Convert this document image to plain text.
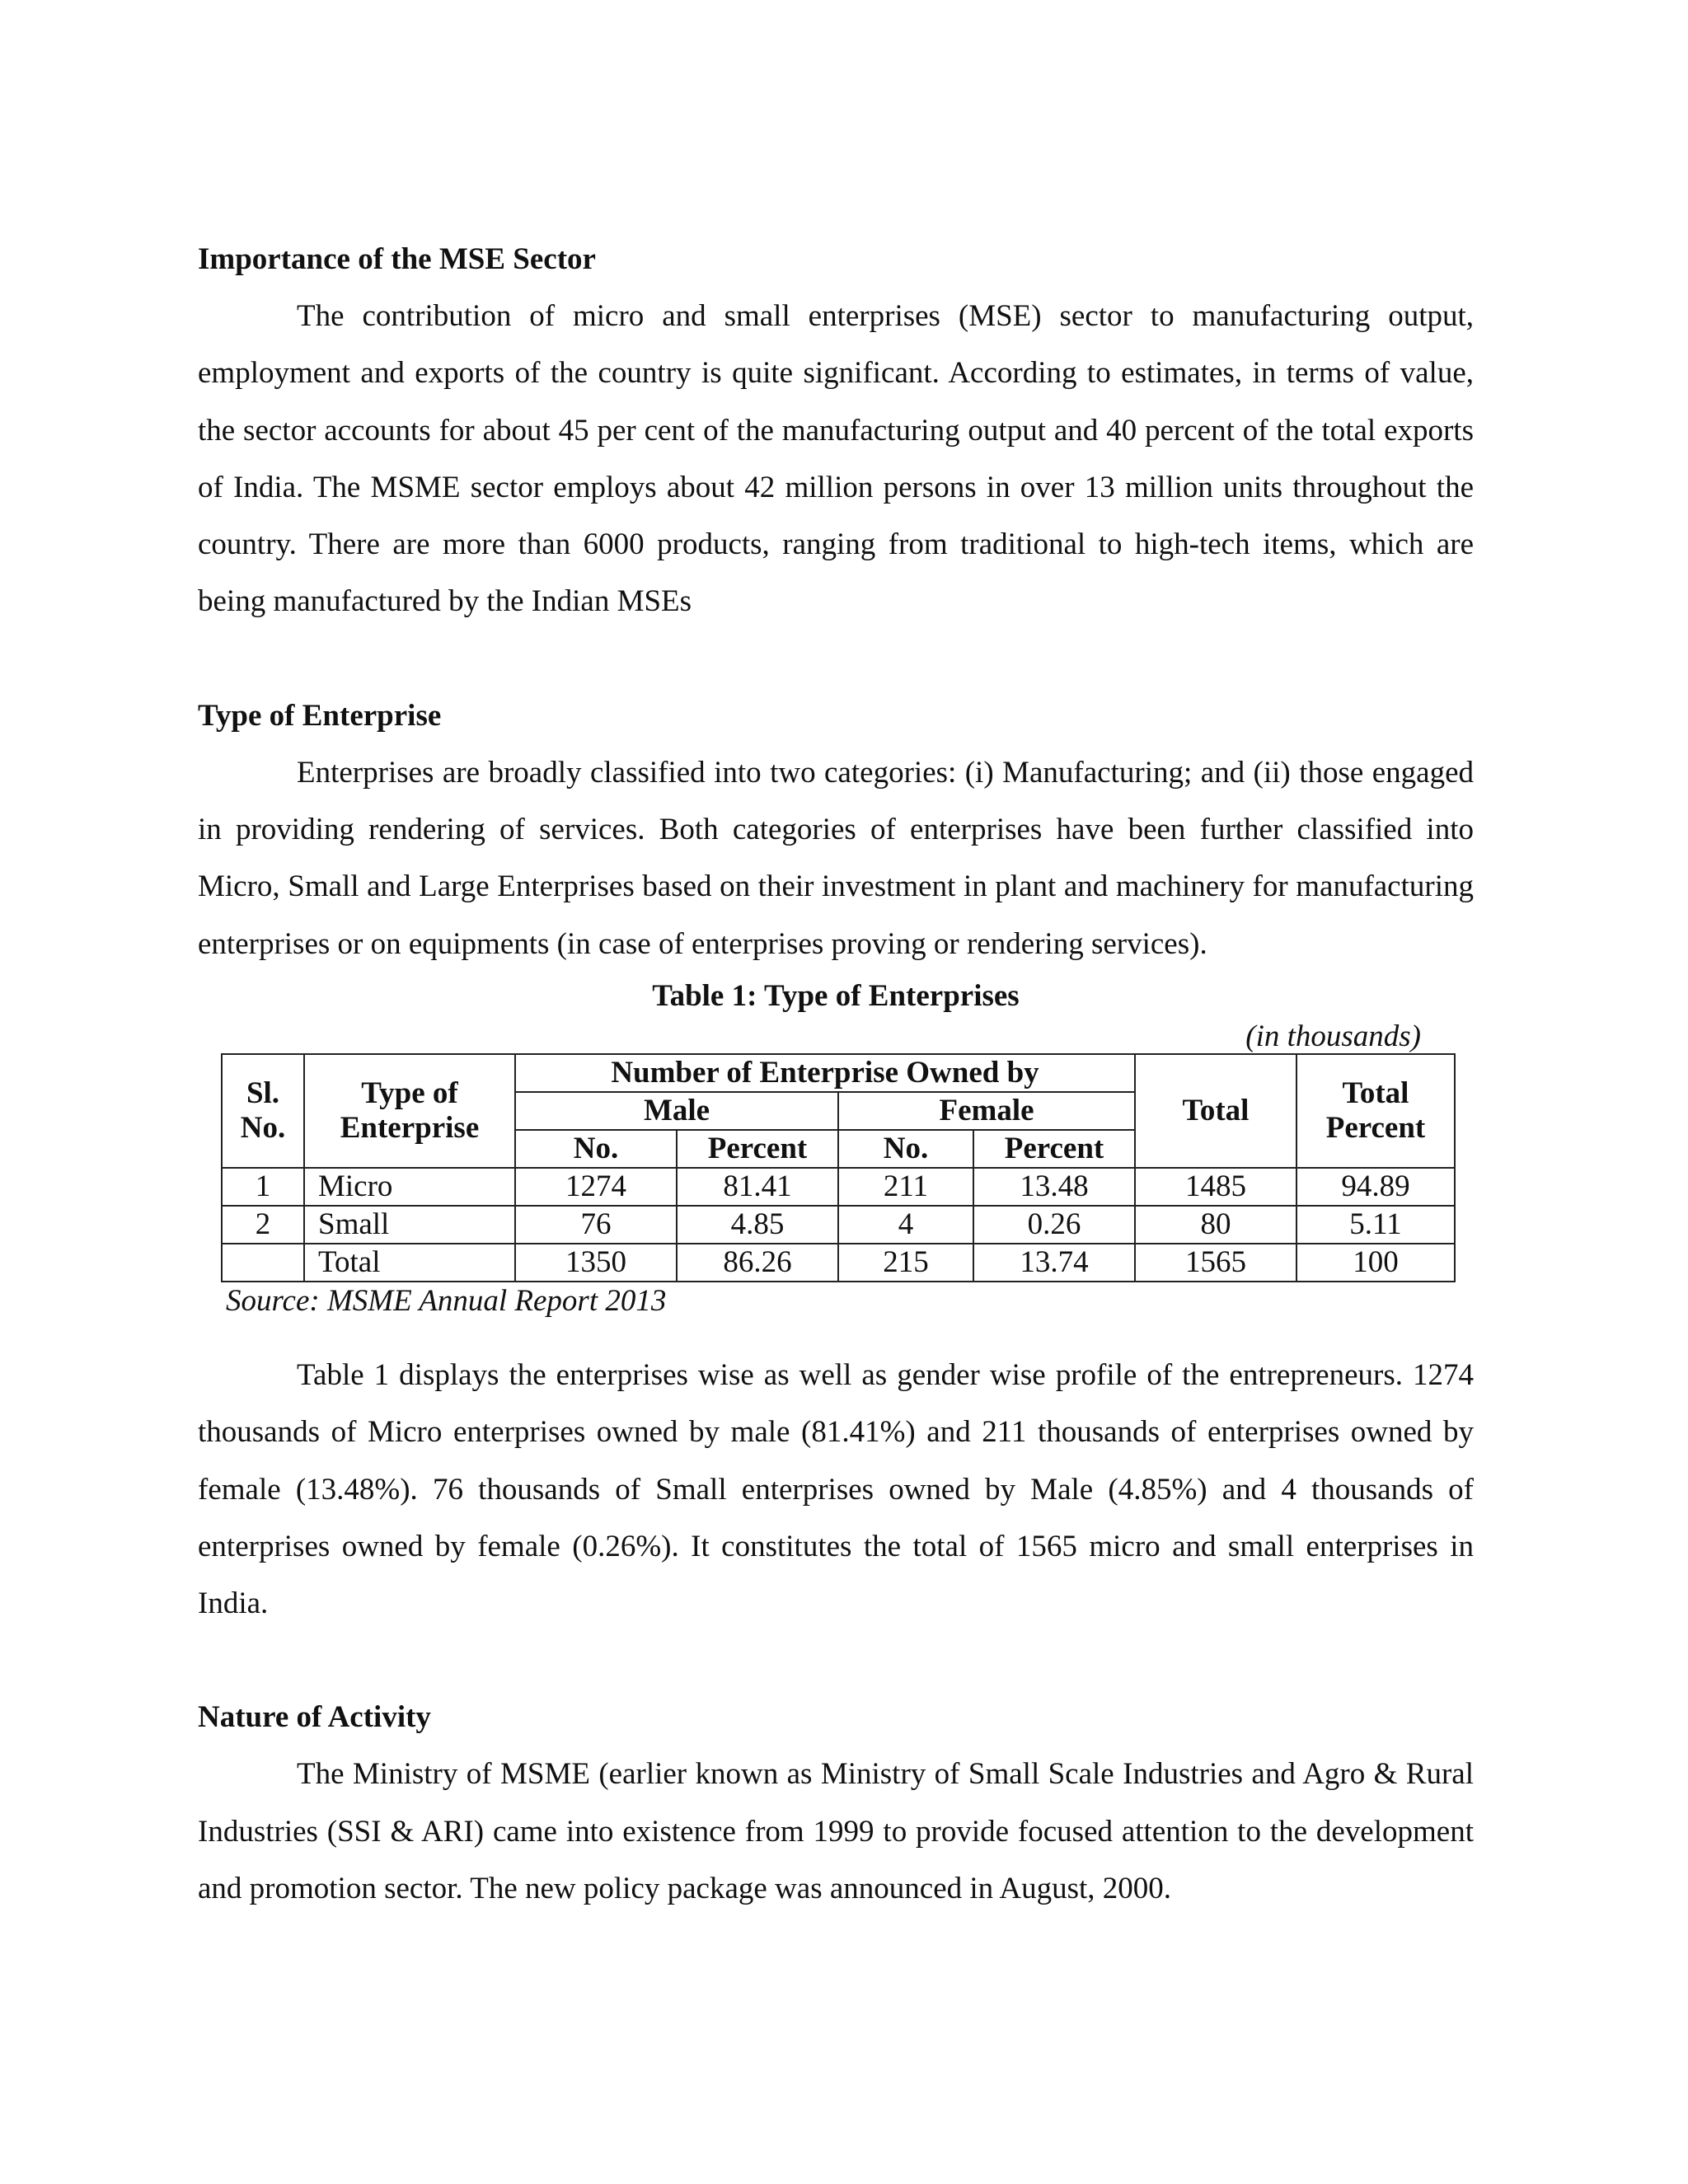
Importance of the MSE Sector

The contribution of micro and small enterprises (MSE) sector to manufacturing output, employment and exports of the country is quite significant. According to estimates, in terms of value, the sector accounts for about 45 per cent of the manufacturing output and 40 percent of the total exports of India. The MSME sector employs about 42 million persons in over 13 million units throughout the country. There are more than 6000 products, ranging from traditional to high-tech items, which are being manufactured by the Indian MSEs

Type of Enterprise

Enterprises are broadly classified into two categories: (i) Manufacturing; and (ii) those engaged in providing rendering of services. Both categories of enterprises have been further classified into Micro, Small and Large Enterprises based on their investment in plant and machinery for manufacturing enterprises or on equipments (in case of enterprises proving or rendering services).

Table 1: Type of Enterprises

(in thousands)

Sl. No.	Type of Enterprise	Number of Enterprise Owned by				Total	Total Percent
		Male		Female			
		No.	Percent	No.	Percent		
1	Micro	1274	81.41	211	13.48	1485	94.89
2	Small	76	4.85	4	0.26	80	5.11
	Total	1350	86.26	215	13.74	1565	100

Source: MSME Annual Report 2013

Table 1 displays the enterprises wise as well as gender wise profile of the entrepreneurs. 1274 thousands of Micro enterprises owned by male (81.41%) and 211 thousands of enterprises owned by female (13.48%). 76 thousands of Small enterprises owned by Male (4.85%) and 4 thousands of enterprises owned by female (0.26%). It constitutes the total of 1565 micro and small enterprises in India.

Nature of Activity

The Ministry of MSME (earlier known as Ministry of Small Scale Industries and Agro & Rural Industries (SSI & ARI) came into existence from 1999 to provide focused attention to the development and promotion sector. The new policy package was announced in August, 2000.
